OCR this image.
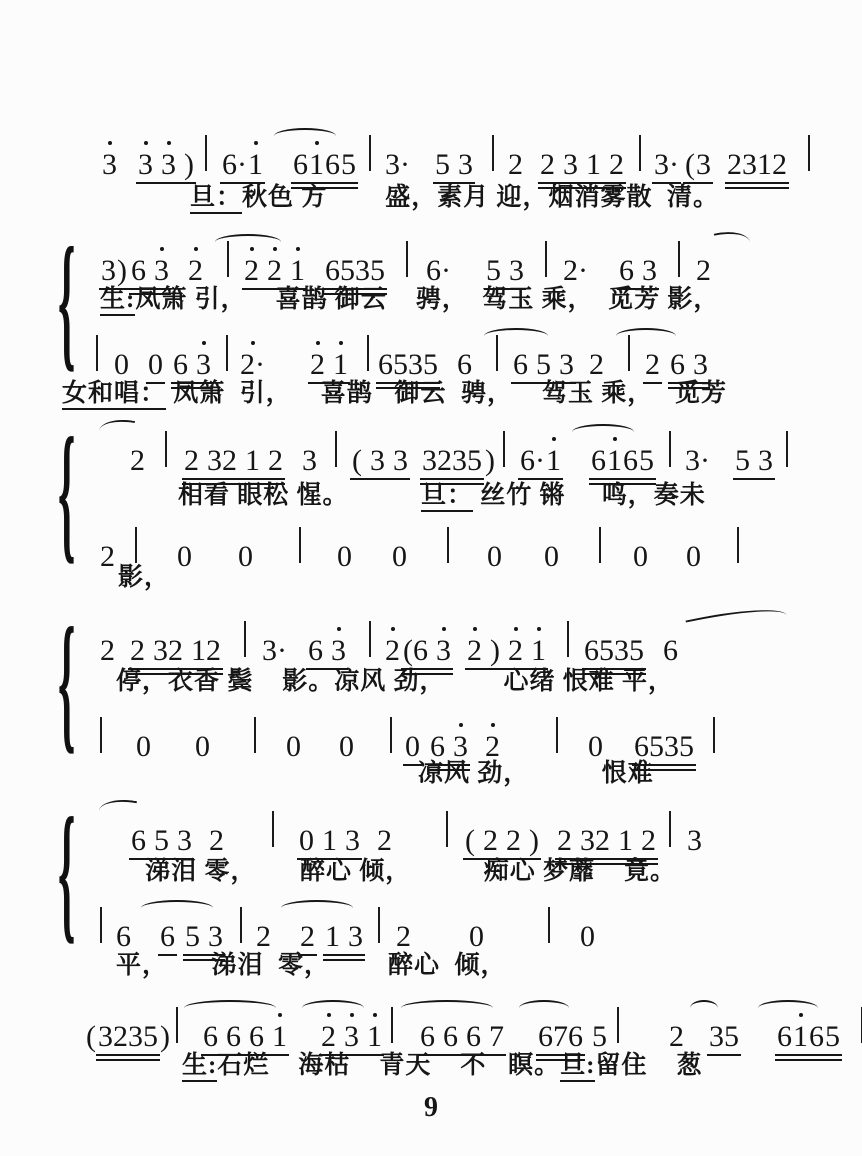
3 3 3 ) 6· 1 6 1 6 5 3· 5 3 2 2 3 1 2 3· ( 3 2312
旦：秋色 方        盛，素月 迎，烟消雾散  清。
3 ) 6 3 2 2 2 1 6535 6· 5 3 2· 6 3 2
生:凤箫 引，    喜鹊 御云    骋，  驾玉 乘，  觅芳 影，
0 0 6 3 2· 2 1 6535 6 6 5 3 2 2 6 3
女和唱： 凤箫  引，    喜鹊   御云  骋，    驾玉 乘，   觅芳
2 2 32 1 2 3 ( 3 3 3235 ) 6· 1 6 1 6 5 3· 5 3
相看 眼松 惺。          旦： 丝竹 锵     鸣，奏未
2 0 0	0 0	0 0 0 0
影，
2 2 32 12 3· 6 3 2 (6 3 2 ) 2 1 6535 6
停，衣香 鬓    影。凉风 劲，        心绪 恨难 平，
0 0	0 0 0 6 3 2	0 6535
凉风 劲，          恨难
6 5 3 2	0 1 3 2 ( 2 2 ) 2 32 1 2 3
涕泪 零，      醉心 倾，          痴心 梦蘼    竟。
6 6 5 3 2 2 1 3 2 0	0
平，      涕泪  零，        醉心  倾，
( 3235 ) 6 6 6 1 2 3 1 6 6 6 7 676 5 2 35 6 1 6 5
生:石烂    海枯    青天    不   瞑。旦:留住    葱
{
{
{
{
9
